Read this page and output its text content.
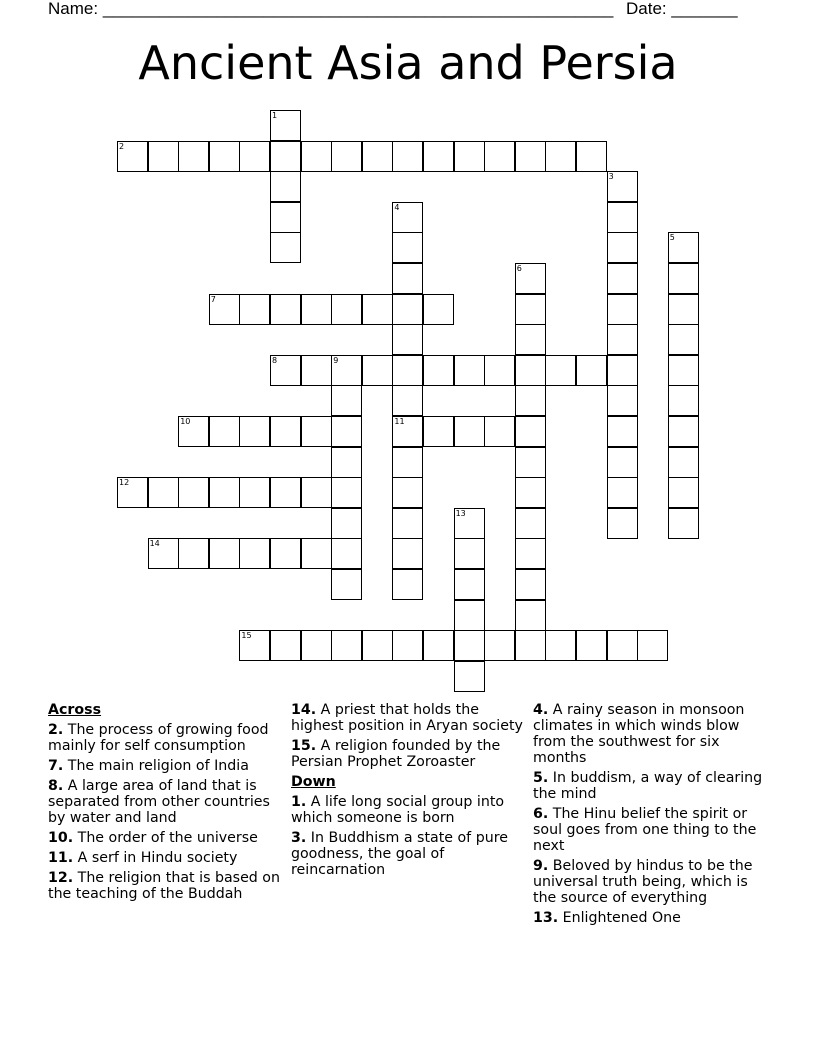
Name: ______________________________________________________ Date: _______
Ancient Asia and Persia
1
2
3
4
11
5
6
7
8	9
10
12
13
14
15
Across
2. The process of growing food mainly for self consumption
7. The main religion of India
8. A large area of land that is separated from other countries by water and land
10. The order of the universe
11. A serf in Hindu society
12. The religion that is based on the teaching of the Buddah
14. A priest that holds the highest position in Aryan society
15. A religion founded by the Persian Prophet Zoroaster
Down
1. A life long social group into which someone is born
3. In Buddhism a state of pure goodness, the goal of reincarnation
4. A rainy season in monsoon climates in which winds blow from the southwest for six months
5. In buddism, a way of clearing the mind
6. The Hinu belief the spirit or soul goes from one thing to the next
9. Beloved by hindus to be the universal truth being, which is the source of everything
13. Enlightened One
